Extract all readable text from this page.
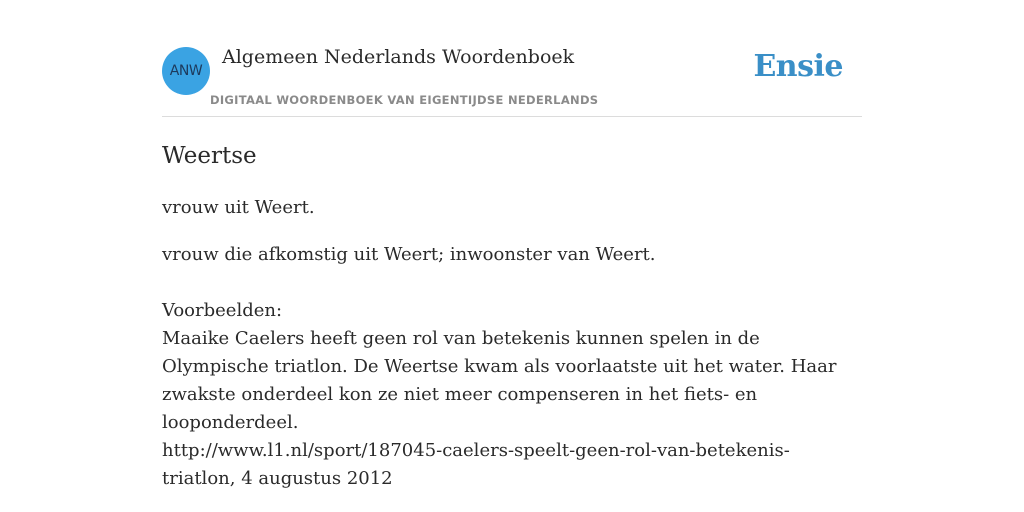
ANW
Algemeen Nederlands Woordenboek
DIGITAAL WOORDENBOEK VAN EIGENTIJDSE NEDERLANDS
Ensie
Weertse

vrouw uit Weert.

vrouw die afkomstig uit Weert; inwoonster van Weert.

Voorbeelden:
Maaike Caelers heeft geen rol van betekenis kunnen spelen in de Olympische triatlon. De Weertse kwam als voorlaatste uit het water. Haar zwakste onderdeel kon ze niet meer compenseren in het fiets- en looponderdeel.
http://www.l1.nl/sport/187045-caelers-speelt-geen-rol-van-betekenis-triatlon, 4 augustus 2012
